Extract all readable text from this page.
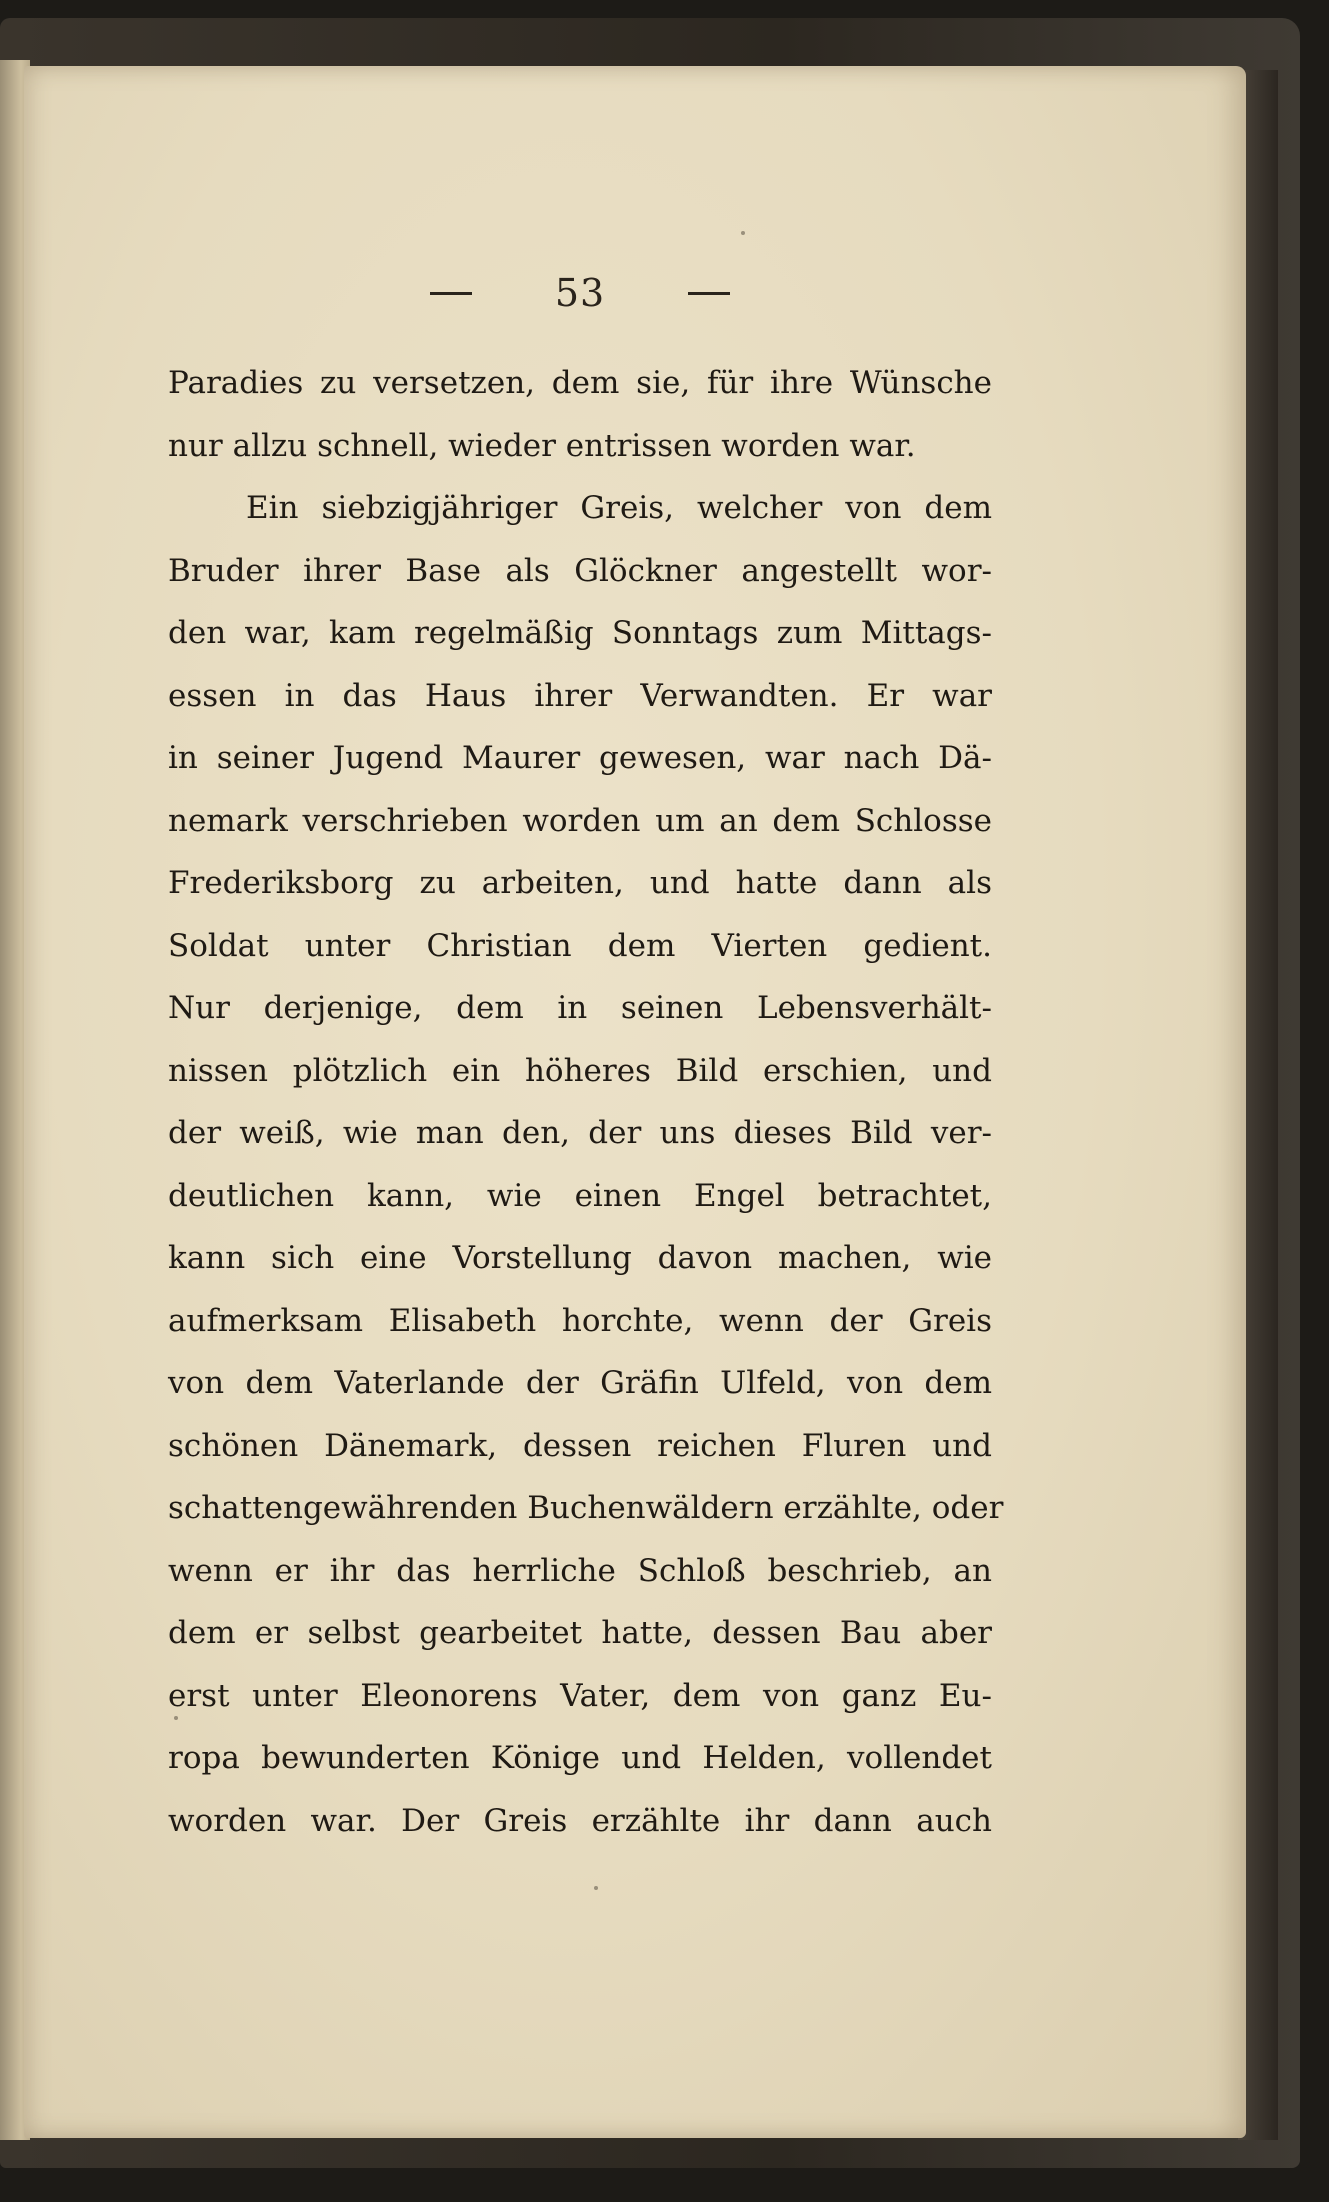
53
Paradies zu versetzen, dem sie, für ihre Wünsche
nur allzu schnell, wieder entrissen worden war.
Ein siebzigjähriger Greis, welcher von dem
Bruder ihrer Base als Glöckner angestellt wor-
den war, kam regelmäßig Sonntags zum Mittags-
essen in das Haus ihrer Verwandten. Er war
in seiner Jugend Maurer gewesen, war nach Dä-
nemark verschrieben worden um an dem Schlosse
Frederiksborg zu arbeiten, und hatte dann als
Soldat unter Christian dem Vierten gedient.
Nur derjenige, dem in seinen Lebensverhält-
nissen plötzlich ein höheres Bild erschien, und
der weiß, wie man den, der uns dieses Bild ver-
deutlichen kann, wie einen Engel betrachtet,
kann sich eine Vorstellung davon machen, wie
aufmerksam Elisabeth horchte, wenn der Greis
von dem Vaterlande der Gräfin Ulfeld, von dem
schönen Dänemark, dessen reichen Fluren und
schattengewährenden Buchenwäldern erzählte, oder
wenn er ihr das herrliche Schloß beschrieb, an
dem er selbst gearbeitet hatte, dessen Bau aber
erst unter Eleonorens Vater, dem von ganz Eu-
ropa bewunderten Könige und Helden, vollendet
worden war. Der Greis erzählte ihr dann auch
